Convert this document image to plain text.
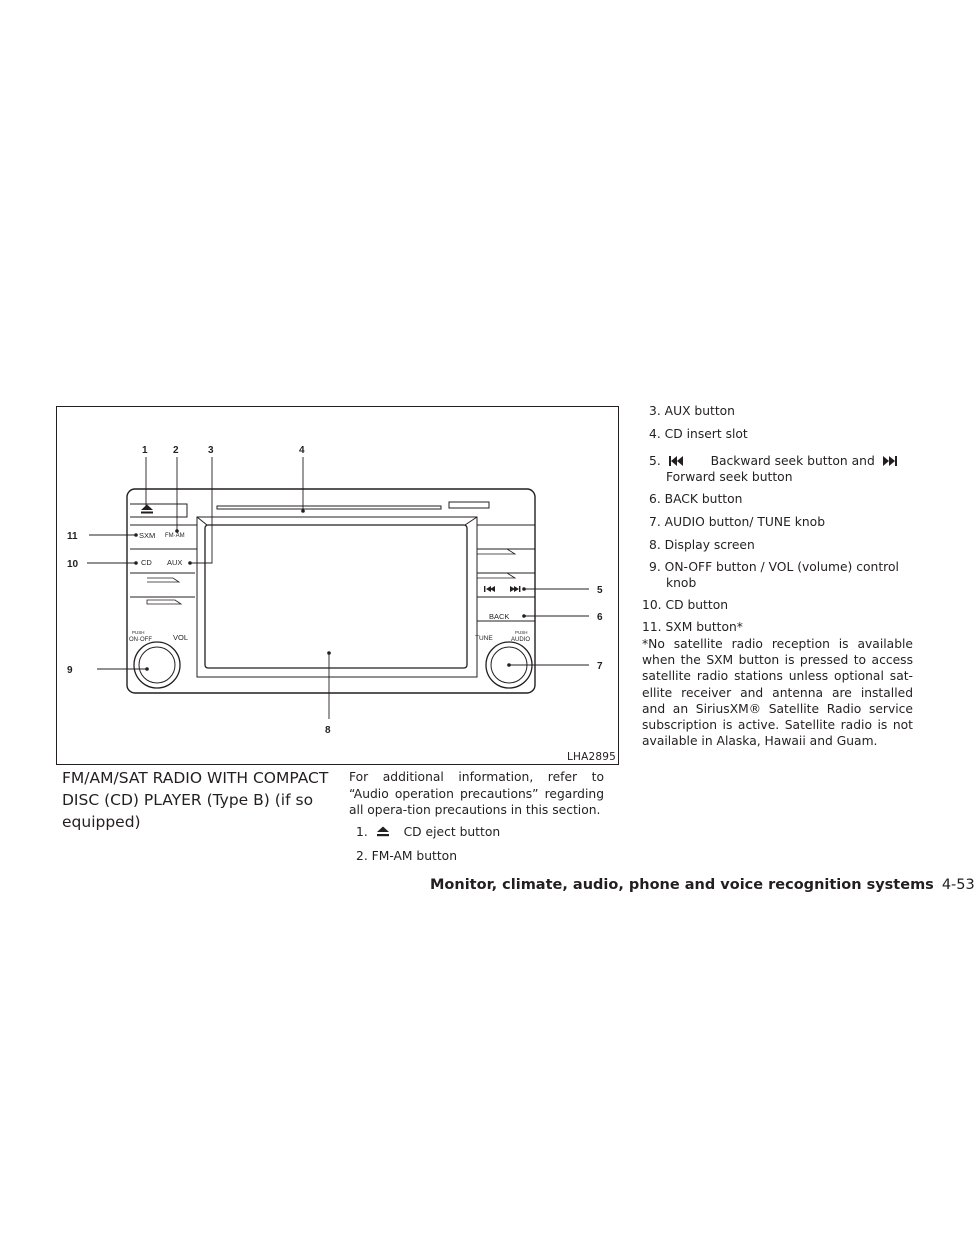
SXM FM·AM
CD AUX
BACK
PUSH
ON·OFF	VOL	TUNE
PUSH
AUDIO
1	2	3	4
5
6
7
8
9
10
11
LHA2895
FM/AM/SAT RADIO WITH COMPACT DISC (CD) PLAYER (Type B) (if so equipped)
For additional information, refer to “Audio operation precautions” regarding all opera-tion precautions in this section.
1.	CD eject button
2. FM-AM button
3. AUX button
4. CD insert slot
5.	Backward seek button and
Forward seek button
6. BACK button
7. AUDIO button/ TUNE knob
8. Display screen
9. ON-OFF button / VOL (volume) control
knob
10. CD button
11. SXM button*
*No satellite radio reception is available when the SXM button is pressed to access satellite radio stations unless optional sat-ellite receiver and antenna are installed and an SiriusXM® Satellite Radio service subscription is active. Satellite radio is not available in Alaska, Hawaii and Guam.
Monitor, climate, audio, phone and voice recognition systems 4-53
